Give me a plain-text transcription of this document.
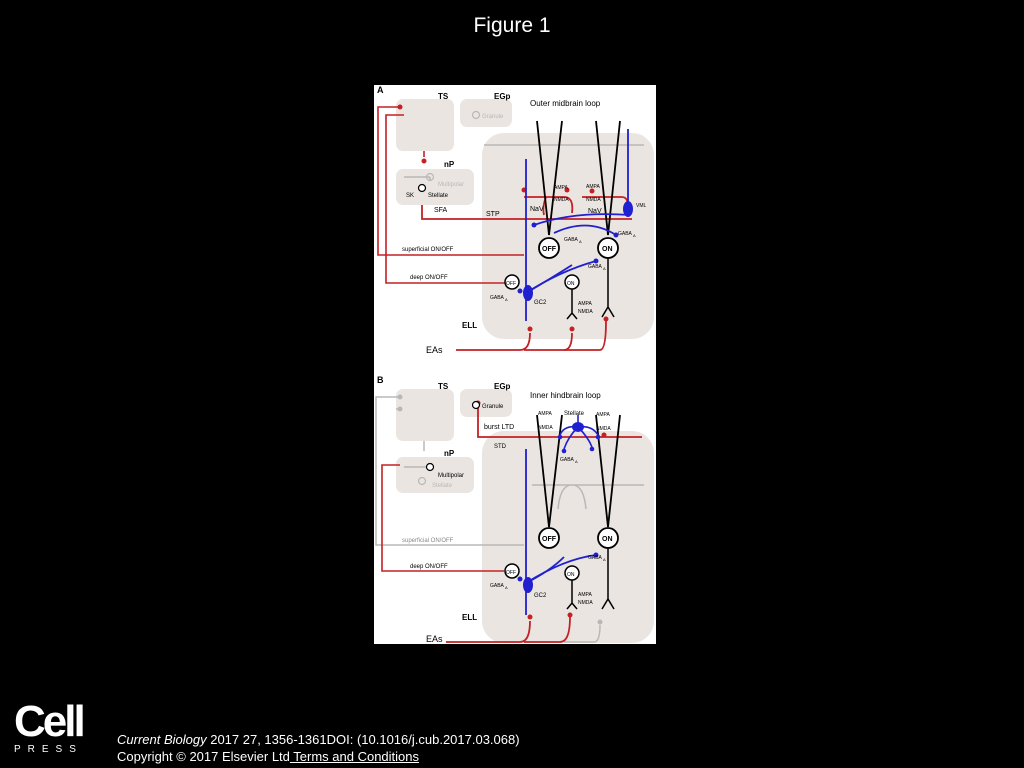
Figure 1
A
TS	EGp
Granule
Outer midbrain loop
nP
Multipolar
SK Stellate
SFA
STP
AMPA
NMDA
AMPA
NMDA
NaV	NaV
VML
GABA A
GABA A
GABA A
GABA A
OFF	ON
OFF	ON
GC2	AMPA
NMDA
superficial ON/OFF
deep ON/OFF
ELL
EAs
B
TS	EGp
Granule
Inner hindbrain loop
AMPA
NMDA
Stellate AMPA
NMDA
burst LTD
STD
GABA A
nP
Multipolar
Stellate
OFF	ON
GABA A
superficial ON/OFF
deep ON/OFF
OFF	ON
GABA A
GC2	AMPA
NMDA
ELL
EAs
Cell
PRESS
Current Biology 2017 27, 1356-1361DOI: (10.1016/j.cub.2017.03.068)
Copyright © 2017 Elsevier Ltd Terms and Conditions
